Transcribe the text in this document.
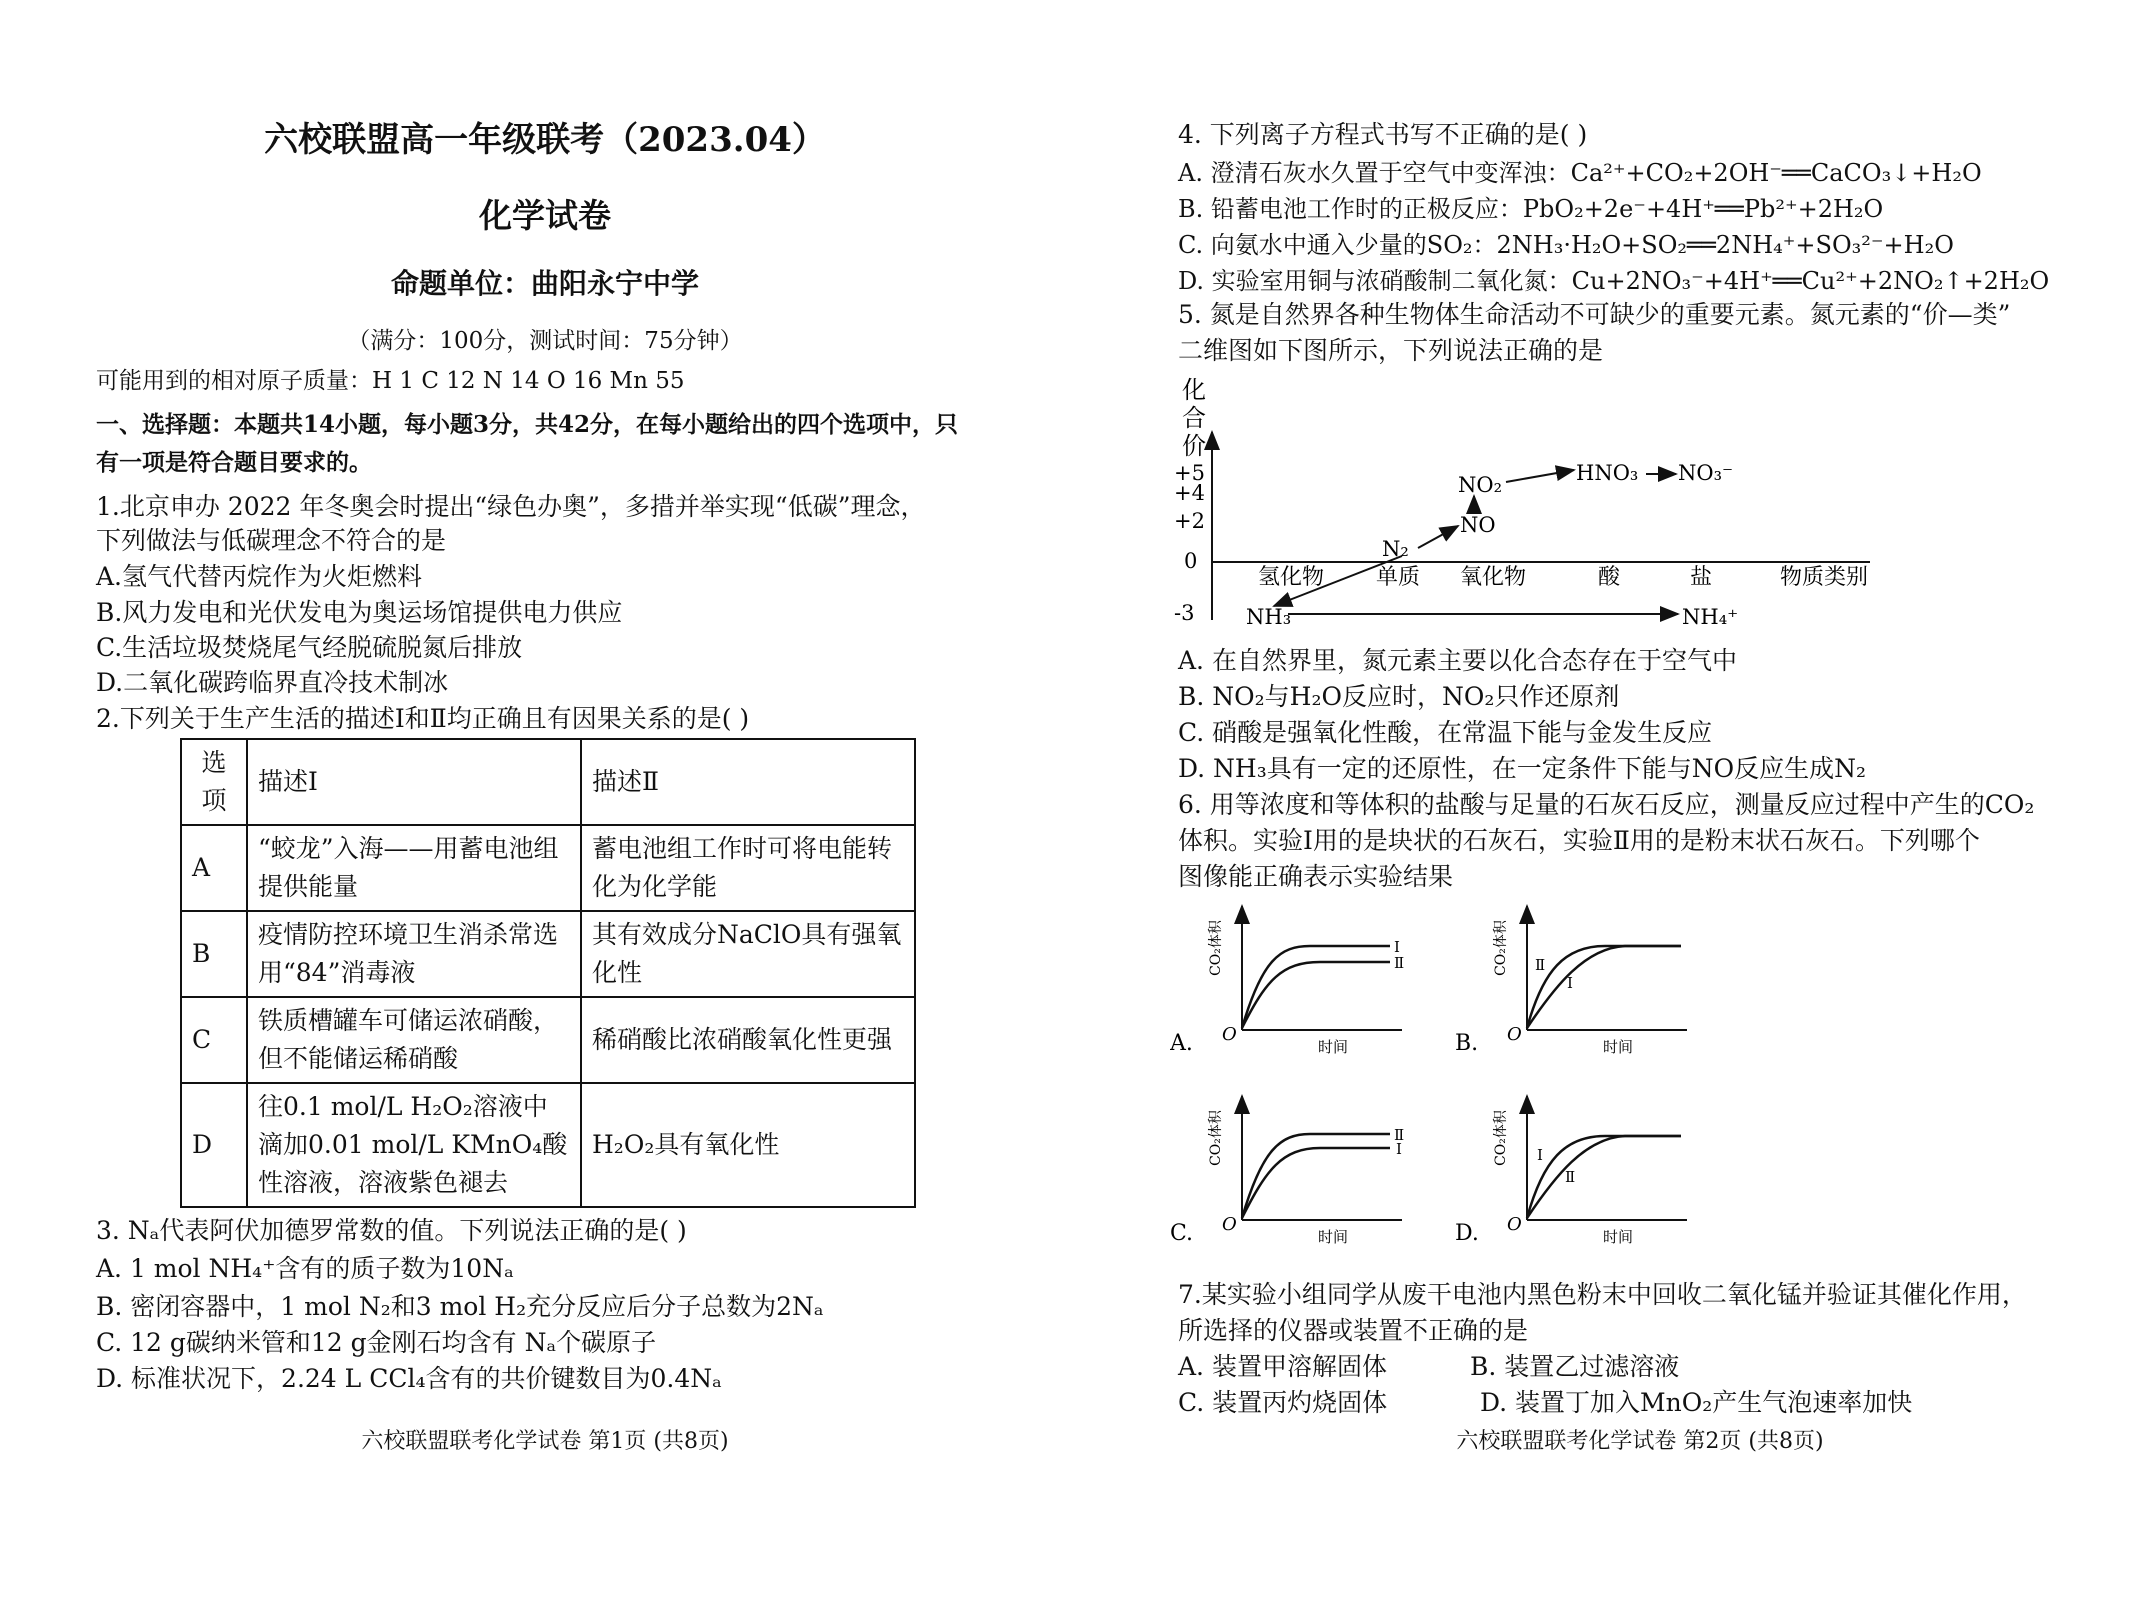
六校联盟高一年级联考（2023.04）
化学试卷
命题单位：曲阳永宁中学
（满分：100分，测试时间：75分钟）
可能用到的相对原子质量：H 1 C 12 N 14 O 16 Mn 55
一、选择题：本题共14小题，每小题3分，共42分，在每小题给出的四个选项中，只
有一项是符合题目要求的。
1.北京申办 2022 年冬奥会时提出“绿色办奥”，多措并举实现“低碳”理念，
下列做法与低碳理念不符合的是
A.氢气代替丙烷作为火炬燃料
B.风力发电和光伏发电为奥运场馆提供电力供应
C.生活垃圾焚烧尾气经脱硫脱氮后排放
D.二氧化碳跨临界直冷技术制冰
2.下列关于生产生活的描述Ⅰ和Ⅱ均正确且有因果关系的是( )
选项	描述Ⅰ	描述Ⅱ
A	“蛟龙”入海——用蓄电池组提供能量	蓄电池组工作时可将电能转化为化学能
B	疫情防控环境卫生消杀常选用“84”消毒液	其有效成分NaClO具有强氧化性
C	铁质槽罐车可储运浓硝酸，但不能储运稀硝酸	稀硝酸比浓硝酸氧化性更强
D	往0.1 mol/L H₂O₂溶液中滴加0.01 mol/L KMnO₄酸性溶液，溶液紫色褪去	H₂O₂具有氧化性
3. Nₐ代表阿伏加德罗常数的值。下列说法正确的是( )
A. 1 mol NH₄⁺含有的质子数为10Nₐ
B. 密闭容器中，1 mol N₂和3 mol H₂充分反应后分子总数为2Nₐ
C. 12 g碳纳米管和12 g金刚石均含有 Nₐ个碳原子
D. 标准状况下，2.24 L CCl₄含有的共价键数目为0.4Nₐ
六校联盟联考化学试卷 第1页 (共8页)
4. 下列离子方程式书写不正确的是( )
A. 澄清石灰水久置于空气中变浑浊：Ca²⁺+CO₂+2OH⁻══CaCO₃↓+H₂O
B. 铅蓄电池工作时的正极反应：PbO₂+2e⁻+4H⁺══Pb²⁺+2H₂O
C. 向氨水中通入少量的SO₂：2NH₃·H₂O+SO₂══2NH₄⁺+SO₃²⁻+H₂O
D. 实验室用铜与浓硝酸制二氧化氮：Cu+2NO₃⁻+4H⁺══Cu²⁺+2NO₂↑+2H₂O
5. 氮是自然界各种生物体生命活动不可缺少的重要元素。氮元素的“价—类”
二维图如下图所示，下列说法正确的是
化
合
价
+5
+4
+2
0
-3
氢化物 单质 氧化物	酸	盐	物质类别
N₂
NO
NO₂	HNO₃ NO₃⁻
NH₃	NH₄⁺
A. 在自然界里，氮元素主要以化合态存在于空气中
B. NO₂与H₂O反应时，NO₂只作还原剂
C. 硝酸是强氧化性酸，在常温下能与金发生反应
D. NH₃具有一定的还原性，在一定条件下能与NO反应生成N₂
6. 用等浓度和等体积的盐酸与足量的石灰石反应，测量反应过程中产生的CO₂
体积。实验Ⅰ用的是块状的石灰石，实验Ⅱ用的是粉末状石灰石。下列哪个
图像能正确表示实验结果
A.
CO₂体积
O
时间
Ⅰ
Ⅱ
B.
CO₂体积
O
时间
Ⅱ
Ⅰ
C.
CO₂体积
O
时间
Ⅱ
Ⅰ
D.
CO₂体积
O
时间
Ⅰ
Ⅱ
7.某实验小组同学从废干电池内黑色粉末中回收二氧化锰并验证其催化作用，
所选择的仪器或装置不正确的是
A. 装置甲溶解固体	B. 装置乙过滤溶液
C. 装置丙灼烧固体	D. 装置丁加入MnO₂产生气泡速率加快
六校联盟联考化学试卷 第2页 (共8页)
